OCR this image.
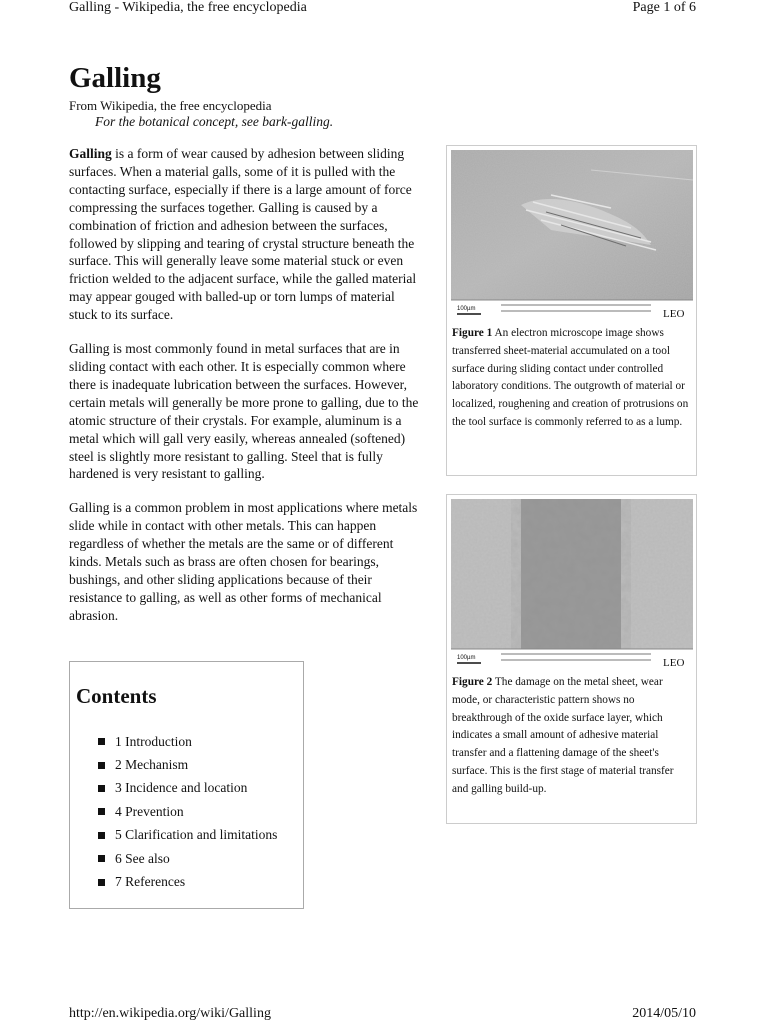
Galling - Wikipedia, the free encyclopedia	Page 1 of 6
Galling
From Wikipedia, the free encyclopedia
For the botanical concept, see bark-galling.

Galling is a form of wear caused by adhesion between sliding surfaces. When a material galls, some of it is pulled with the contacting surface, especially if there is a large amount of force compressing the surfaces together. Galling is caused by a combination of friction and adhesion between the surfaces, followed by slipping and tearing of crystal structure beneath the surface. This will generally leave some material stuck or even friction welded to the adjacent surface, while the galled material may appear gouged with balled-up or torn lumps of material stuck to its surface.

Galling is most commonly found in metal surfaces that are in sliding contact with each other. It is especially common where there is inadequate lubrication between the surfaces. However, certain metals will generally be more prone to galling, due to the atomic structure of their crystals. For example, aluminum is a metal which will gall very easily, whereas annealed (softened) steel is slightly more resistant to galling. Steel that is fully hardened is very resistant to galling.

Galling is a common problem in most applications where metals slide while in contact with other metals. This can happen regardless of whether the metals are the same or of different kinds. Metals such as brass are often chosen for bearings, bushings, and other sliding applications because of their resistance to galling, as well as other forms of mechanical abrasion.

Contents
1 Introduction
2 Mechanism
3 Incidence and location
4 Prevention
5 Clarification and limitations
6 See also
7 References
100µm	LEO
Figure 1 An electron microscope image shows transferred sheet-material accumulated on a tool surface during sliding contact under controlled laboratory conditions. The outgrowth of material or localized, roughening and creation of protrusions on the tool surface is commonly referred to as a lump.
100µm	LEO
Figure 2 The damage on the metal sheet, wear mode, or characteristic pattern shows no breakthrough of the oxide surface layer, which indicates a small amount of adhesive material transfer and a flattening damage of the sheet's surface. This is the first stage of material transfer and galling build-up.
http://en.wikipedia.org/wiki/Galling	2014/05/10
